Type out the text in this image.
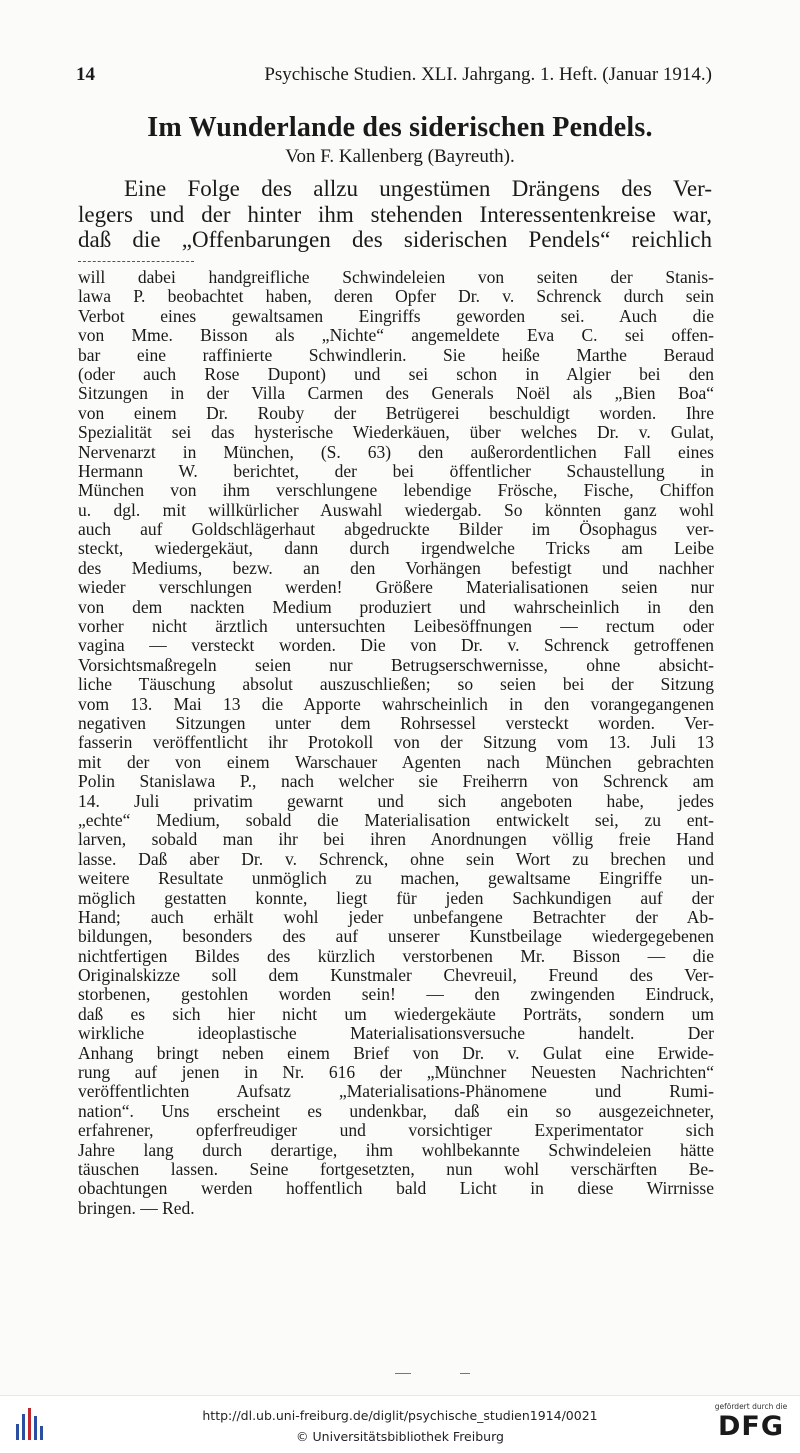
14	Psychische Studien. XLI. Jahrgang. 1. Heft. (Januar 1914.)
Im Wunderlande des siderischen Pendels.
Von F. Kallenberg (Bayreuth).
Eine Folge des allzu ungestümen Drängens des Ver-
legers und der hinter ihm stehenden Interessentenkreise war,
daß die „Offenbarungen des siderischen Pendels“ reichlich
will dabei handgreifliche Schwindeleien von seiten der Stanis-
lawa P. beobachtet haben, deren Opfer Dr. v. Schrenck durch sein
Verbot eines gewaltsamen Eingriffs geworden sei. Auch die
von Mme. Bisson als „Nichte“ angemeldete Eva C. sei offen-
bar eine raffinierte Schwindlerin. Sie heiße Marthe Beraud
(oder auch Rose Dupont) und sei schon in Algier bei den
Sitzungen in der Villa Carmen des Generals Noël als „Bien Boa“
von einem Dr. Rouby der Betrügerei beschuldigt worden. Ihre
Spezialität sei das hysterische Wiederkäuen, über welches Dr. v. Gulat,
Nervenarzt in München, (S. 63) den außerordentlichen Fall eines
Hermann W. berichtet, der bei öffentlicher Schaustellung in
München von ihm verschlungene lebendige Frösche, Fische, Chiffon
u. dgl. mit willkürlicher Auswahl wiedergab. So könnten ganz wohl
auch auf Goldschlägerhaut abgedruckte Bilder im Ösophagus ver-
steckt, wiedergekäut, dann durch irgendwelche Tricks am Leibe
des Mediums, bezw. an den Vorhängen befestigt und nachher
wieder verschlungen werden! Größere Materialisationen seien nur
von dem nackten Medium produziert und wahrscheinlich in den
vorher nicht ärztlich untersuchten Leibesöffnungen — rectum oder
vagina — versteckt worden. Die von Dr. v. Schrenck getroffenen
Vorsichtsmaßregeln seien nur Betrugserschwernisse, ohne absicht-
liche Täuschung absolut auszuschließen; so seien bei der Sitzung
vom 13. Mai 13 die Apporte wahrscheinlich in den vorangegangenen
negativen Sitzungen unter dem Rohrsessel versteckt worden. Ver-
fasserin veröffentlicht ihr Protokoll von der Sitzung vom 13. Juli 13
mit der von einem Warschauer Agenten nach München gebrachten
Polin Stanislawa P., nach welcher sie Freiherrn von Schrenck am
14. Juli privatim gewarnt und sich angeboten habe, jedes
„echte“ Medium, sobald die Materialisation entwickelt sei, zu ent-
larven, sobald man ihr bei ihren Anordnungen völlig freie Hand
lasse. Daß aber Dr. v. Schrenck, ohne sein Wort zu brechen und
weitere Resultate unmöglich zu machen, gewaltsame Eingriffe un-
möglich gestatten konnte, liegt für jeden Sachkundigen auf der
Hand; auch erhält wohl jeder unbefangene Betrachter der Ab-
bildungen, besonders des auf unserer Kunstbeilage wiedergegebenen
nichtfertigen Bildes des kürzlich verstorbenen Mr. Bisson — die
Originalskizze soll dem Kunstmaler Chevreuil, Freund des Ver-
storbenen, gestohlen worden sein! — den zwingenden Eindruck,
daß es sich hier nicht um wiedergekäute Porträts, sondern um
wirkliche ideoplastische Materialisationsversuche handelt. Der
Anhang bringt neben einem Brief von Dr. v. Gulat eine Erwide-
rung auf jenen in Nr. 616 der „Münchner Neuesten Nachrichten“
veröffentlichten Aufsatz „Materialisations-Phänomene und Rumi-
nation“. Uns erscheint es undenkbar, daß ein so ausgezeichneter,
erfahrener, opferfreudiger und vorsichtiger Experimentator sich
Jahre lang durch derartige, ihm wohlbekannte Schwindeleien hätte
täuschen lassen. Seine fortgesetzten, nun wohl verschärften Be-
obachtungen werden hoffentlich bald Licht in diese Wirrnisse
bringen. — Red.
http://dl.ub.uni-freiburg.de/diglit/psychische_studien1914/0021
© Universitätsbibliothek Freiburg
gefördert durch die
DFG
